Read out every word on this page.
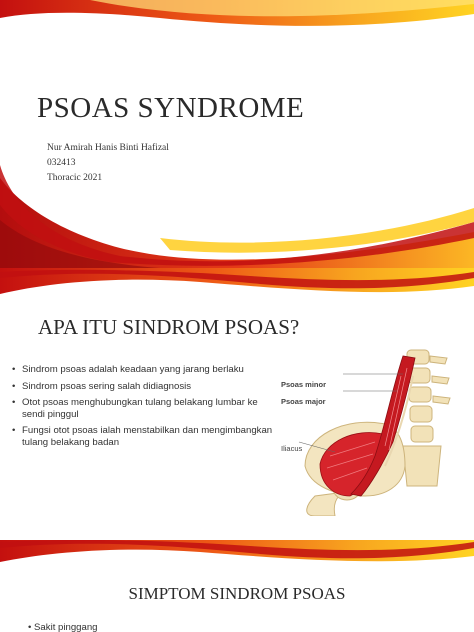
PSOAS SYNDROME
Nur Amirah Hanis Binti Hafizal
032413
Thoracic 2021
APA ITU SINDROM PSOAS?
• Sindrom psoas adalah keadaan yang jarang berlaku
• Sindrom psoas sering salah didiagnosis
• Otot psoas menghubungkan tulang belakang lumbar ke sendi pinggul
• Fungsi otot psoas ialah menstabilkan dan mengimbangkan tulang belakang badan
Psoas minor
Psoas major
Iliacus
SIMPTOM SINDROM PSOAS
• Sakit pinggang
